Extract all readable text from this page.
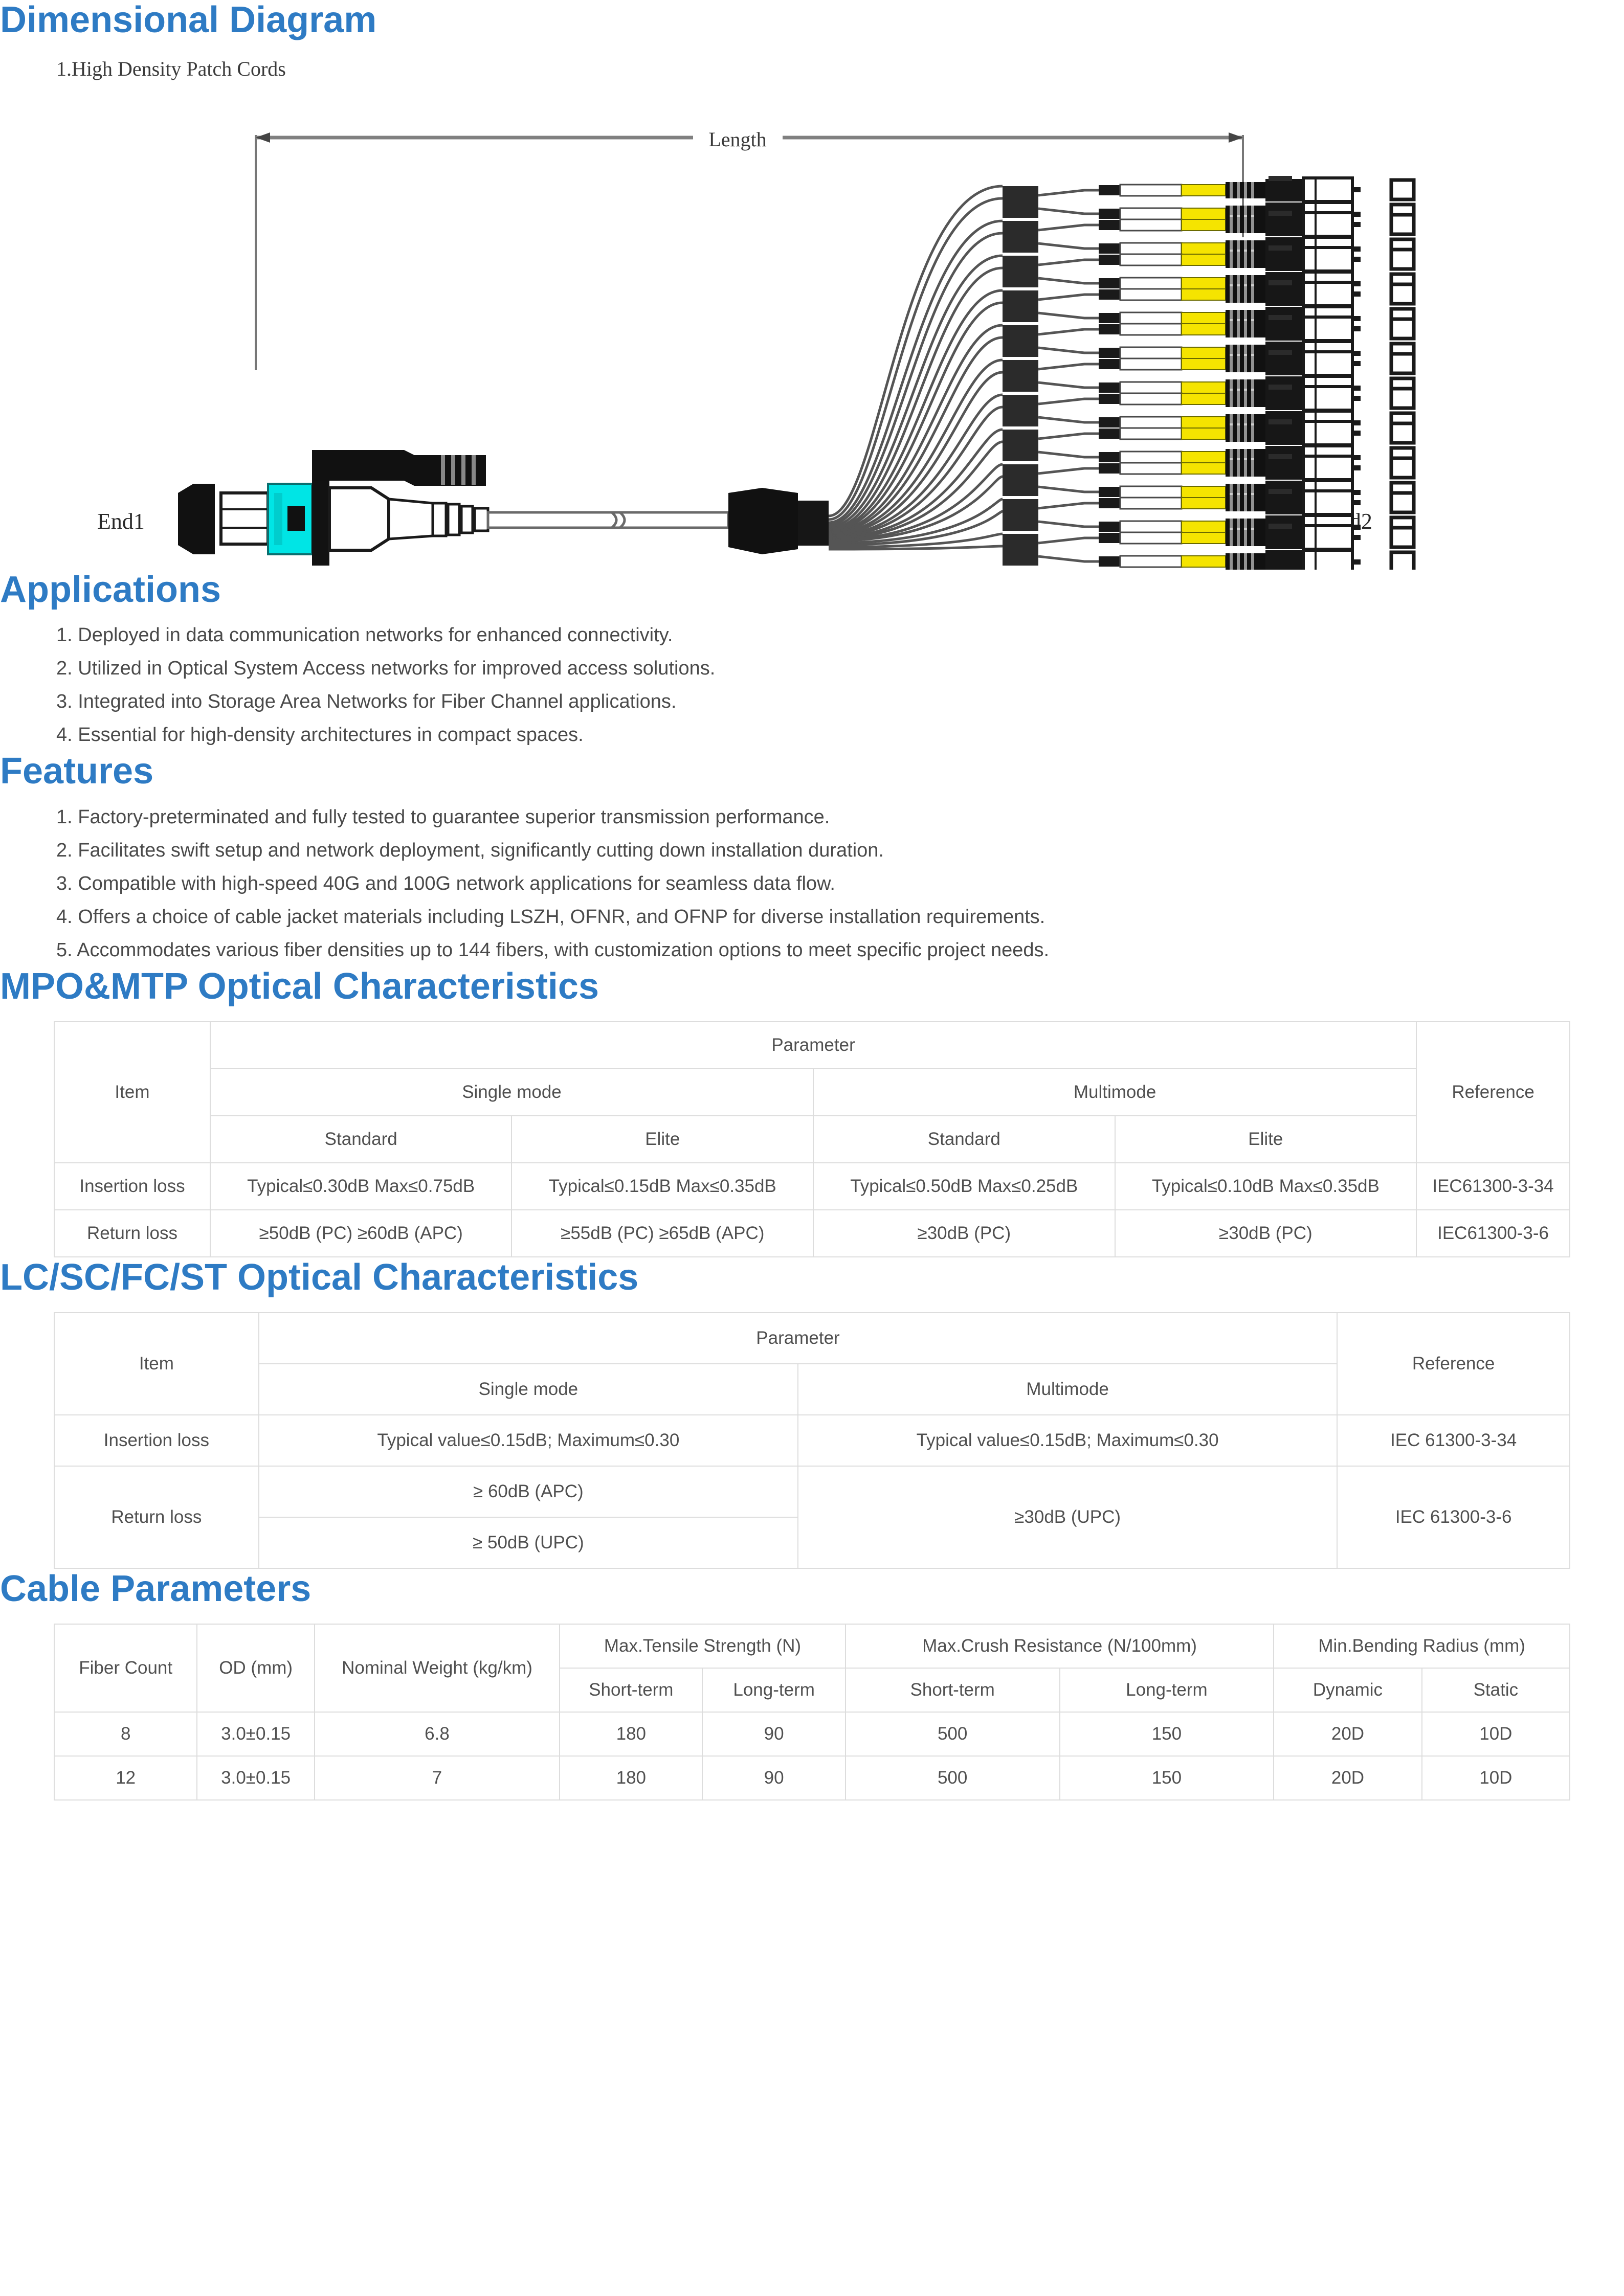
Dimensional Diagram
1.High Density Patch Cords
Length
End1	End2
Applications
1. Deployed in data communication networks for enhanced connectivity.
2. Utilized in Optical System Access networks for improved access solutions.
3. Integrated into Storage Area Networks for Fiber Channel applications.
4. Essential for high-density architectures in compact spaces.
Features
1. Factory-preterminated and fully tested to guarantee superior transmission performance.
2. Facilitates swift setup and network deployment, significantly cutting down installation duration.
3. Compatible with high-speed 40G and 100G network applications for seamless data flow.
4. Offers a choice of cable jacket materials including LSZH, OFNR, and OFNP for diverse installation requirements.
5. Accommodates various fiber densities up to 144 fibers, with customization options to meet specific project needs.
MPO&MTP Optical Characteristics
Item	Parameter				Reference
	Single mode		Multimode		
	Standard	Elite	Standard	Elite	
Insertion loss	Typical≤0.30dB Max≤0.75dB	Typical≤0.15dB Max≤0.35dB	Typical≤0.50dB Max≤0.25dB	Typical≤0.10dB Max≤0.35dB	IEC61300-3-34
Return loss	≥50dB (PC) ≥60dB (APC)	≥55dB (PC) ≥65dB (APC)	≥30dB (PC)	≥30dB (PC)	IEC61300-3-6
LC/SC/FC/ST Optical Characteristics
Item	Parameter		Reference
	Single mode	Multimode	
Insertion loss	Typical value≤0.15dB; Maximum≤0.30	Typical value≤0.15dB; Maximum≤0.30	IEC 61300-3-34
Return loss	≥ 60dB (APC)	≥30dB (UPC)	IEC 61300-3-6
	≥ 50dB (UPC)		
Cable Parameters
Fiber Count	OD (mm)	Nominal Weight (kg/km)	Max.Tensile Strength (N)		Max.Crush Resistance (N/100mm)		Min.Bending Radius (mm)	
			Short-term	Long-term	Short-term	Long-term	Dynamic	Static
8	3.0±0.15	6.8	180	90	500	150	20D	10D
12	3.0±0.15	7	180	90	500	150	20D	10D
